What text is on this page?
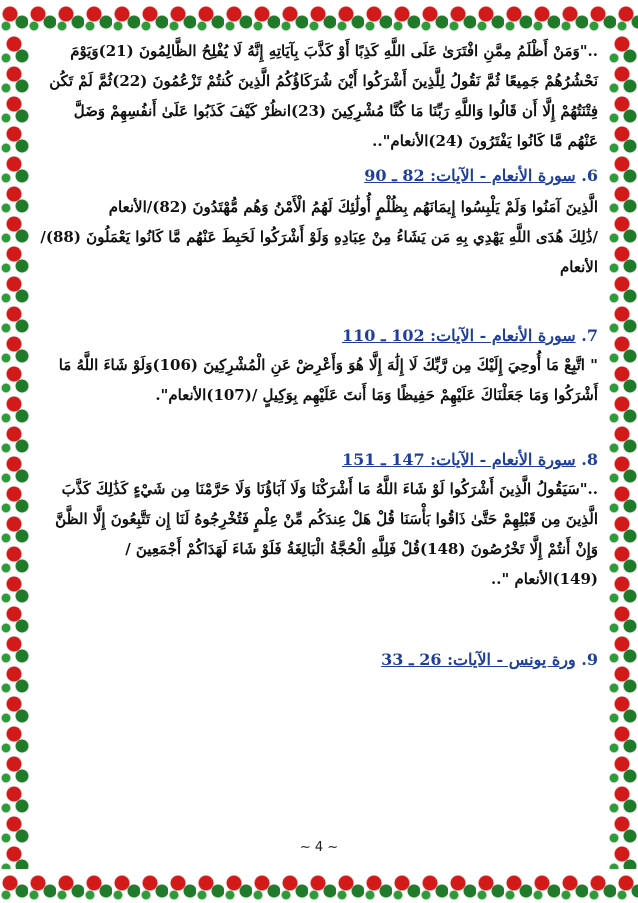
.."وَمَنْ أَظْلَمُ مِمَّنِ افْتَرَىٰ عَلَى اللَّهِ كَذِبًا أَوْ كَذَّبَ بِآيَاتِهِ إِنَّهُ لَا يُفْلِحُ الظَّالِمُونَ (21)وَيَوْمَ نَحْشُرُهُمْ جَمِيعًا ثُمَّ نَقُولُ لِلَّذِينَ أَشْرَكُوا أَيْنَ شُرَكَاؤُكُمُ الَّذِينَ كُنتُمْ تَزْعُمُونَ (22)ثُمَّ لَمْ تَكُن فِتْنَتُهُمْ إِلَّا أَن قَالُوا وَاللَّهِ رَبِّنَا مَا كُنَّا مُشْرِكِينَ (23)انظُرْ كَيْفَ كَذَبُوا عَلَىٰ أَنفُسِهِمْ وَضَلَّ عَنْهُم مَّا كَانُوا يَفْتَرُونَ (24)الأنعام"..

6. سورة الأنعام - الآيات: 82 ـ 90

الَّذِينَ آمَنُوا وَلَمْ يَلْبِسُوا إِيمَانَهُم بِظُلْمٍ أُولَٰئِكَ لَهُمُ الْأَمْنُ وَهُم مُّهْتَدُونَ (82)/الأنعام

/ذَٰلِكَ هُدَى اللَّهِ يَهْدِي بِهِ مَن يَشَاءُ مِنْ عِبَادِهِ وَلَوْ أَشْرَكُوا لَحَبِطَ عَنْهُم مَّا كَانُوا يَعْمَلُونَ (88)/الأنعام

7. سورة الأنعام - الآيات: 102 ـ 110

" اتَّبِعْ مَا أُوحِيَ إِلَيْكَ مِن رَّبِّكَ لَا إِلَٰهَ إِلَّا هُوَ وَأَعْرِضْ عَنِ الْمُشْرِكِينَ (106)وَلَوْ شَاءَ اللَّهُ مَا أَشْرَكُوا وَمَا جَعَلْنَاكَ عَلَيْهِمْ حَفِيظًا وَمَا أَنتَ عَلَيْهِم بِوَكِيلٍ /(107)الأنعام".

8. سورة الأنعام - الآيات: 147 ـ 151

.."سَيَقُولُ الَّذِينَ أَشْرَكُوا لَوْ شَاءَ اللَّهُ مَا أَشْرَكْنَا وَلَا آبَاؤُنَا وَلَا حَرَّمْنَا مِن شَيْءٍ كَذَٰلِكَ كَذَّبَ الَّذِينَ مِن قَبْلِهِمْ حَتَّىٰ ذَاقُوا بَأْسَنَا قُلْ هَلْ عِندَكُم مِّنْ عِلْمٍ فَتُخْرِجُوهُ لَنَا إِن تَتَّبِعُونَ إِلَّا الظَّنَّ وَإِنْ أَنتُمْ إِلَّا تَخْرُصُونَ (148)قُلْ فَلِلَّهِ الْحُجَّةُ الْبَالِغَةُ فَلَوْ شَاءَ لَهَدَاكُمْ أَجْمَعِينَ / (149)الأنعام "..

9. ورة يونس - الآيات: 26 ـ 33

~ 4 ~
